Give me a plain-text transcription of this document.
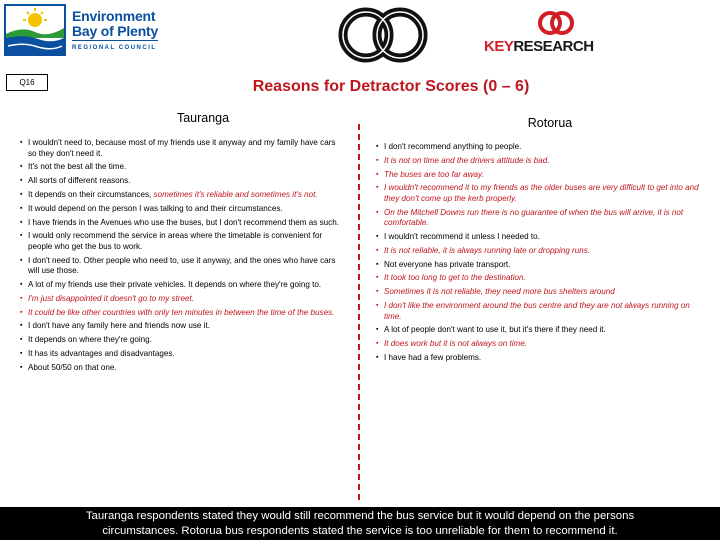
Environment
Bay of Plenty
REGIONAL COUNCIL	KEYRESEARCH
Q16	Reasons for Detractor Scores (0 – 6)
Tauranga	Rotorua
▪ I wouldn't need to, because most of my friends use it anyway and my family have cars so they don't need it.
▪ It's not the best all the time.
▪ All sorts of different reasons.
▪ It depends on their circumstances, sometimes it's reliable and sometimes it's not.
▪ It would depend on the person I was talking to and their circumstances.
▪ I have friends in the Avenues who use the buses, but I don't recommend them as such.
▪ I would only recommend the service in areas where the timetable is convenient for people who get the bus to work.
▪ I don't need to. Other people who need to, use it anyway, and the ones who have cars will use those.
▪ A lot of my friends use their private vehicles. It depends on where they're going to.
▪ I'm just disappointed it doesn't go to my street.
▪ It could be like other countries with only ten minutes in between the time of the buses.
▪ I don't have any family here and friends now use it.
▪ It depends on where they're going.
▪ It has its advantages and disadvantages.
▪ About 50/50 on that one.
▪ I don't recommend anything to people.
▪ It is not on time and the drivers attitude is bad.
▪ The buses are too far away.
▪ I wouldn't recommend it to my friends as the older buses are very difficult to get into and they don't come up the kerb properly.
▪ On the Mitchell Downs run there is no guarantee of when the bus will arrive, it is not comfortable.
▪ I wouldn't recommend it unless I needed to.
▪ It is not reliable, it is always running late or dropping runs.
▪ Not everyone has private transport.
▪ It took too long to get to the destination.
▪ Sometimes it is not reliable, they need more bus shelters around
▪ I don't like the environment around the bus centre and they are not always running on time.
▪ A lot of people don't want to use it, but it's there if they need it.
▪ It does work but it is not always on time.
▪ I have had a few problems.
Tauranga respondents stated they would still recommend the bus service but it would depend on the persons
circumstances. Rotorua bus respondents stated the service is too unreliable for them to recommend it.
